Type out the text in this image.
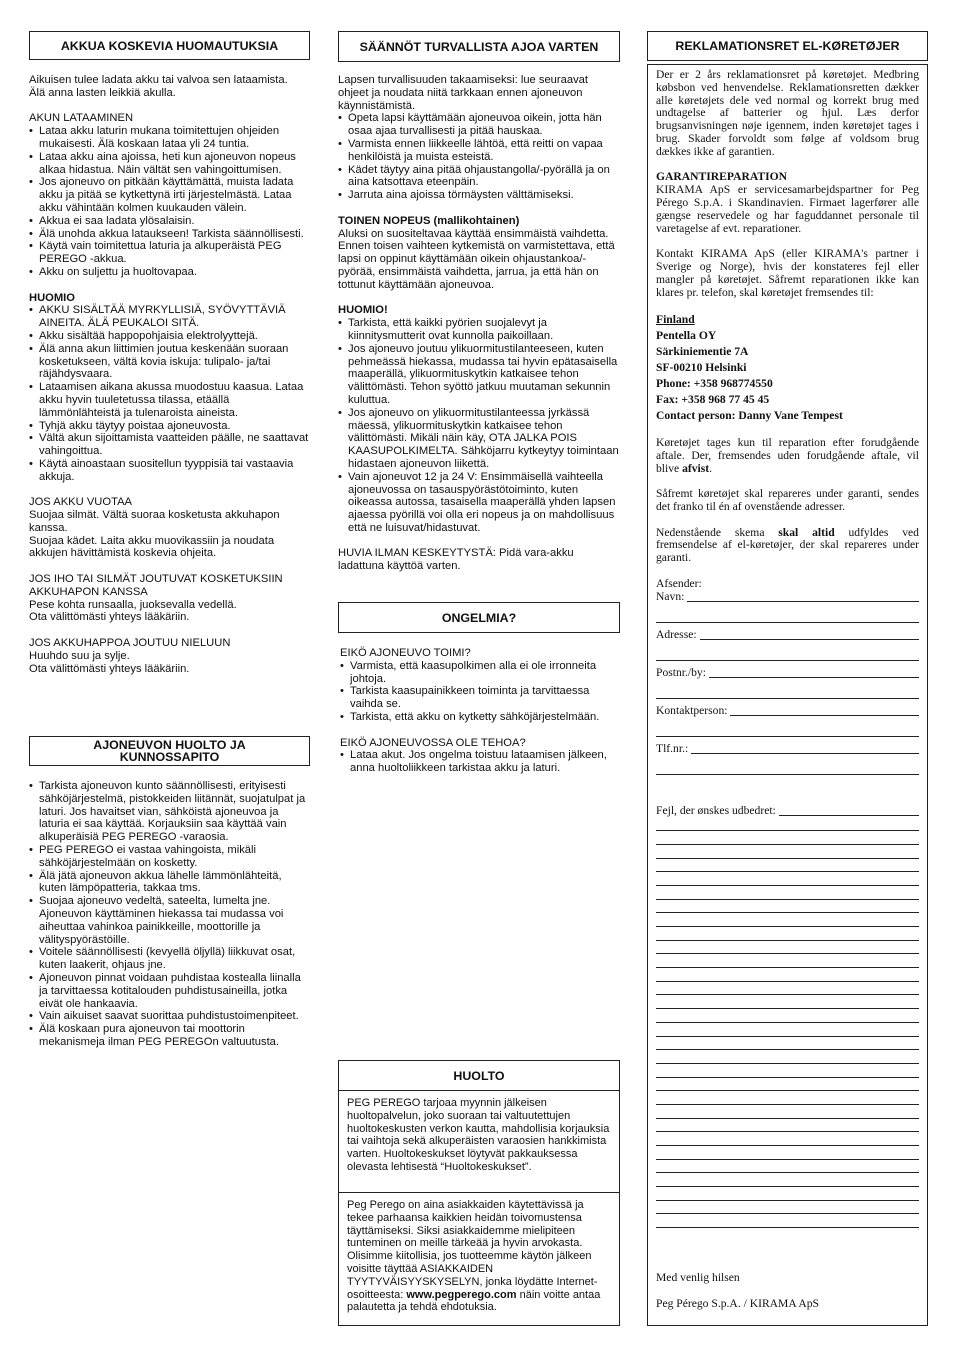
AKKUA KOSKEVIA HUOMAUTUKSIA
Aikuisen tulee ladata akku tai valvoa sen lataamista.
Älä anna lasten leikkiä akulla.
AKUN LATAAMINEN
• Lataa akku laturin mukana toimitettujen ohjeiden mukaisesti. Älä koskaan lataa yli 24 tuntia.
• Lataa akku aina ajoissa, heti kun ajoneuvon nopeus alkaa hidastua. Näin vältät sen vahingoittumisen.
• Jos ajoneuvo on pitkään käyttämättä, muista ladata akku ja pitää se kytkettynä irti järjestelmästä. Lataa akku vähintään kolmen kuukauden välein.
• Akkua ei saa ladata ylösalaisin.
• Älä unohda akkua lataukseen! Tarkista säännöllisesti.
• Käytä vain toimitettua laturia ja alkuperäistä PEG PEREGO -akkua.
• Akku on suljettu ja huoltovapaa.
HUOMIO
• AKKU SISÄLTÄÄ MYRKYLLISIÄ, SYÖVYTTÄVIÄ AINEITA. ÄLÄ PEUKALOI SITÄ.
• Akku sisältää happopohjaisia elektrolyyttejä.
• Älä anna akun liittimien joutua keskenään suoraan kosketukseen, vältä kovia iskuja: tulipalo- ja/tai räjähdysvaara.
• Lataamisen aikana akussa muodostuu kaasua. Lataa akku hyvin tuuletetussa tilassa, etäällä lämmönlähteistä ja tulenaroista aineista.
• Tyhjä akku täytyy poistaa ajoneuvosta.
• Vältä akun sijoittamista vaatteiden päälle, ne saattavat vahingoittua.
• Käytä ainoastaan suositellun tyyppisiä tai vastaavia akkuja.
JOS AKKU VUOTAA
Suojaa silmät. Vältä suoraa kosketusta akkuhapon kanssa.
Suojaa kädet. Laita akku muovikassiin ja noudata akkujen hävittämistä koskevia ohjeita.
JOS IHO TAI SILMÄT JOUTUVAT KOSKETUKSIIN AKKUHAPON KANSSA
Pese kohta runsaalla, juoksevalla vedellä.
Ota välittömästi yhteys lääkäriin.
JOS AKKUHAPPOA JOUTUU NIELUUN
Huuhdo suu ja sylje.
Ota välittömästi yhteys lääkäriin.
AJONEUVON HUOLTO JA KUNNOSSAPITO
• Tarkista ajoneuvon kunto säännöllisesti, erityisesti sähköjärjestelmä, pistokkeiden liitännät, suojatulpat ja laturi. Jos havaitset vian, sähköistä ajoneuvoa ja laturia ei saa käyttää. Korjauksiin saa käyttää vain alkuperäisiä PEG PEREGO -varaosia.
• PEG PEREGO ei vastaa vahingoista, mikäli sähköjärjestelmään on kosketty.
• Älä jätä ajoneuvon akkua lähelle lämmönlähteitä, kuten lämpöpatteria, takkaa tms.
• Suojaa ajoneuvo vedeltä, sateelta, lumelta jne. Ajoneuvon käyttäminen hiekassa tai mudassa voi aiheuttaa vahinkoa painikkeille, moottorille ja välityspyörästöille.
• Voitele säännöllisesti (kevyellä öljyllä) liikkuvat osat, kuten laakerit, ohjaus jne.
• Ajoneuvon pinnat voidaan puhdistaa kostealla liinalla ja tarvittaessa kotitalouden puhdistusaineilla, jotka eivät ole hankaavia.
• Vain aikuiset saavat suorittaa puhdistustoimenpiteet.
• Älä koskaan pura ajoneuvon tai moottorin mekanismeja ilman PEG PEREGOn valtuutusta.
SÄÄNNÖT TURVALLISTA AJOA VARTEN
Lapsen turvallisuuden takaamiseksi: lue seuraavat ohjeet ja noudata niitä tarkkaan ennen ajoneuvon käynnistämistä.
• Opeta lapsi käyttämään ajoneuvoa oikein, jotta hän osaa ajaa turvallisesti ja pitää hauskaa.
• Varmista ennen liikkeelle lähtöä, että reitti on vapaa henkilöistä ja muista esteistä.
• Kädet täytyy aina pitää ohjaustangolla/-pyörällä ja on aina katsottava eteenpäin.
• Jarruta aina ajoissa törmäysten välttämiseksi.
TOINEN NOPEUS (mallikohtainen)
Aluksi on suositeltavaa käyttää ensimmäistä vaihdetta. Ennen toisen vaihteen kytkemistä on varmistettava, että lapsi on oppinut käyttämään oikein ohjaustankoa/-pyörää, ensimmäistä vaihdetta, jarrua, ja että hän on tottunut käyttämään ajoneuvoa.
HUOMIO!
• Tarkista, että kaikki pyörien suojalevyt ja kiinnitysmutterit ovat kunnolla paikoillaan.
• Jos ajoneuvo joutuu ylikuormitustilanteeseen, kuten pehmeässä hiekassa, mudassa tai hyvin epätasaisella maaperällä, ylikuormituskytkin katkaisee tehon välittömästi. Tehon syöttö jatkuu muutaman sekunnin kuluttua.
• Jos ajoneuvo on ylikuormitustilanteessa jyrkässä mäessä, ylikuormituskytkin katkaisee tehon välittömästi. Mikäli näin käy, OTA JALKA POIS KAASUPOLKIMELTA. Sähköjarru kytkeytyy toimintaan hidastaen ajoneuvon liikettä.
• Vain ajoneuvot 12 ja 24 V: Ensimmäisellä vaihteella ajoneuvossa on tasauspyörästötoiminto, kuten oikeassa autossa, tasaisella maaperällä yhden lapsen ajaessa pyörillä voi olla eri nopeus ja on mahdollisuus että ne luisuvat/hidastuvat.
HUVIA ILMAN KESKEYTYSTÄ: Pidä vara-akku ladattuna käyttöä varten.
ONGELMIA?
EIKÖ AJONEUVO TOIMI?
• Varmista, että kaasupolkimen alla ei ole irronneita johtoja.
• Tarkista kaasupainikkeen toiminta ja tarvittaessa vaihda se.
• Tarkista, että akku on kytketty sähköjärjestelmään.
EIKÖ AJONEUVOSSA OLE TEHOA?
• Lataa akut. Jos ongelma toistuu lataamisen jälkeen, anna huoltoliikkeen tarkistaa akku ja laturi.
HUOLTO
PEG PEREGO tarjoaa myynnin jälkeisen huoltopalvelun, joko suoraan tai valtuutettujen huoltokeskusten verkon kautta, mahdollisia korjauksia tai vaihtoja sekä alkuperäisten varaosien hankkimista varten. Huoltokeskukset löytyvät pakkauksessa olevasta lehtisestä “Huoltokeskukset”.
Peg Perego on aina asiakkaiden käytettävissä ja tekee parhaansa kaikkien heidän toivomustensa täyttämiseksi. Siksi asiakkaidemme mielipiteen tunteminen on meille tärkeää ja hyvin arvokasta. Olisimme kiitollisia, jos tuotteemme käytön jälkeen voisitte täyttää ASIAKKAIDEN TYYTYVÄISYYSKYSELYN, jonka löydätte Internet-osoitteesta: www.pegperego.com näin voitte antaa palautetta ja tehdä ehdotuksia.
REKLAMATIONSRET EL-KØRETØJER
Der er 2 års reklamationsret på køretøjet. Medbring købsbon ved henvendelse. Reklamationsretten dækker alle køretøjets dele ved normal og korrekt brug med undtagelse af batterier og hjul. Læs derfor brugsanvisningen nøje igennem, inden køretøjet tages i brug. Skader forvoldt som følge af voldsom brug dækkes ikke af garantien.
GARANTIREPARATION
KIRAMA ApS er servicesamarbejdspartner for Peg Pérego S.p.A. i Skandinavien. Firmaet lagerfører alle gængse reservedele og har faguddannet personale til varetagelse af evt. reparationer.
Kontakt KIRAMA ApS (eller KIRAMA's partner i Sverige og Norge), hvis der konstateres fejl eller mangler på køretøjet. Såfremt reparationen ikke kan klares pr. telefon, skal køretøjet fremsendes til:
Finland
Pentella OY
Särkiniementie 7A
SF-00210 Helsinki
Phone: +358 968774550
Fax: +358 968 77 45 45
Contact person: Danny Vane Tempest
Køretøjet tages kun til reparation efter forudgående aftale. Der, fremsendes uden forudgående aftale, vil blive afvist.
Såfremt køretøjet skal repareres under garanti, sendes det franko til én af ovenstående adresser.
Nedenstående skema skal altid udfyldes ved fremsendelse af el-køretøjer, der skal repareres under garanti.
Afsender:
Navn:
Adresse:
Postnr./by:
Kontaktperson:
Tlf.nr.:
Fejl, der ønskes udbedret:
Med venlig hilsen
Peg Pérego S.p.A. / KIRAMA ApS
